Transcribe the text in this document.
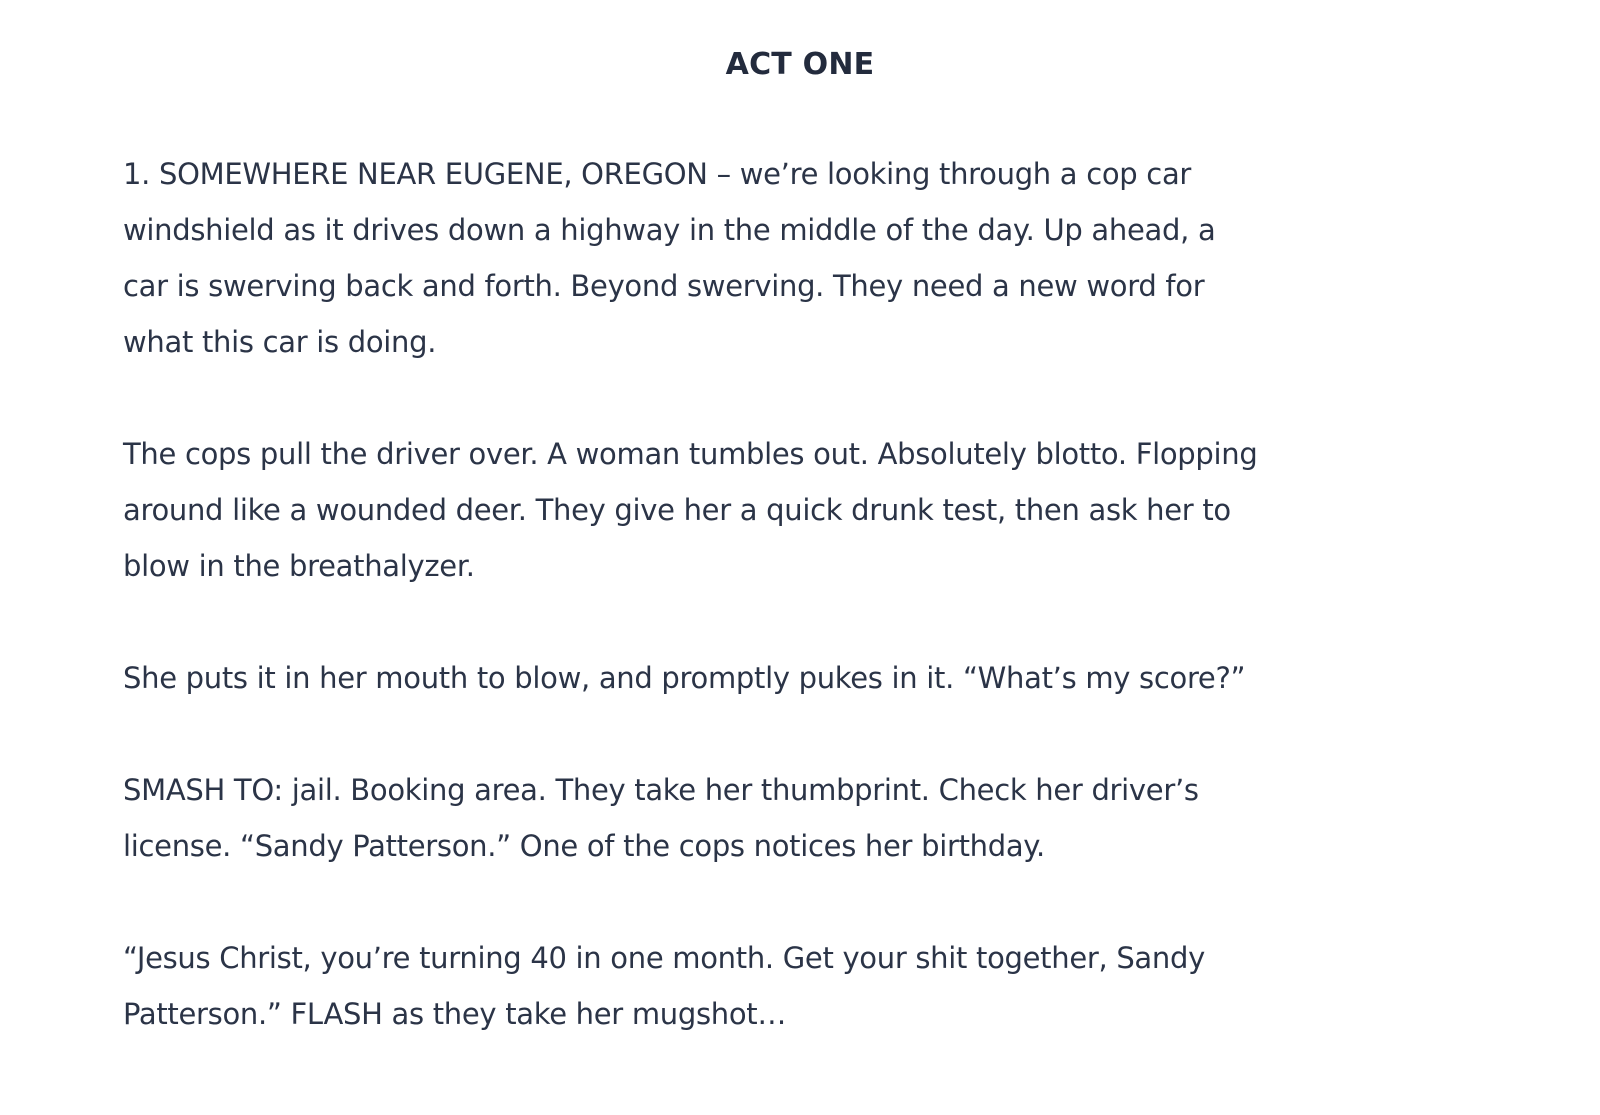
ACT ONE

1. SOMEWHERE NEAR EUGENE, OREGON – we’re looking through a cop car windshield as it drives down a highway in the middle of the day. Up ahead, a car is swerving back and forth. Beyond swerving. They need a new word for what this car is doing.

The cops pull the driver over. A woman tumbles out. Absolutely blotto. Flopping around like a wounded deer. They give her a quick drunk test, then ask her to blow in the breathalyzer.

She puts it in her mouth to blow, and promptly pukes in it. “What’s my score?”

SMASH TO: jail. Booking area. They take her thumbprint. Check her driver’s license. “Sandy Patterson.” One of the cops notices her birthday.

“Jesus Christ, you’re turning 40 in one month. Get your shit together, Sandy Patterson.” FLASH as they take her mugshot…
